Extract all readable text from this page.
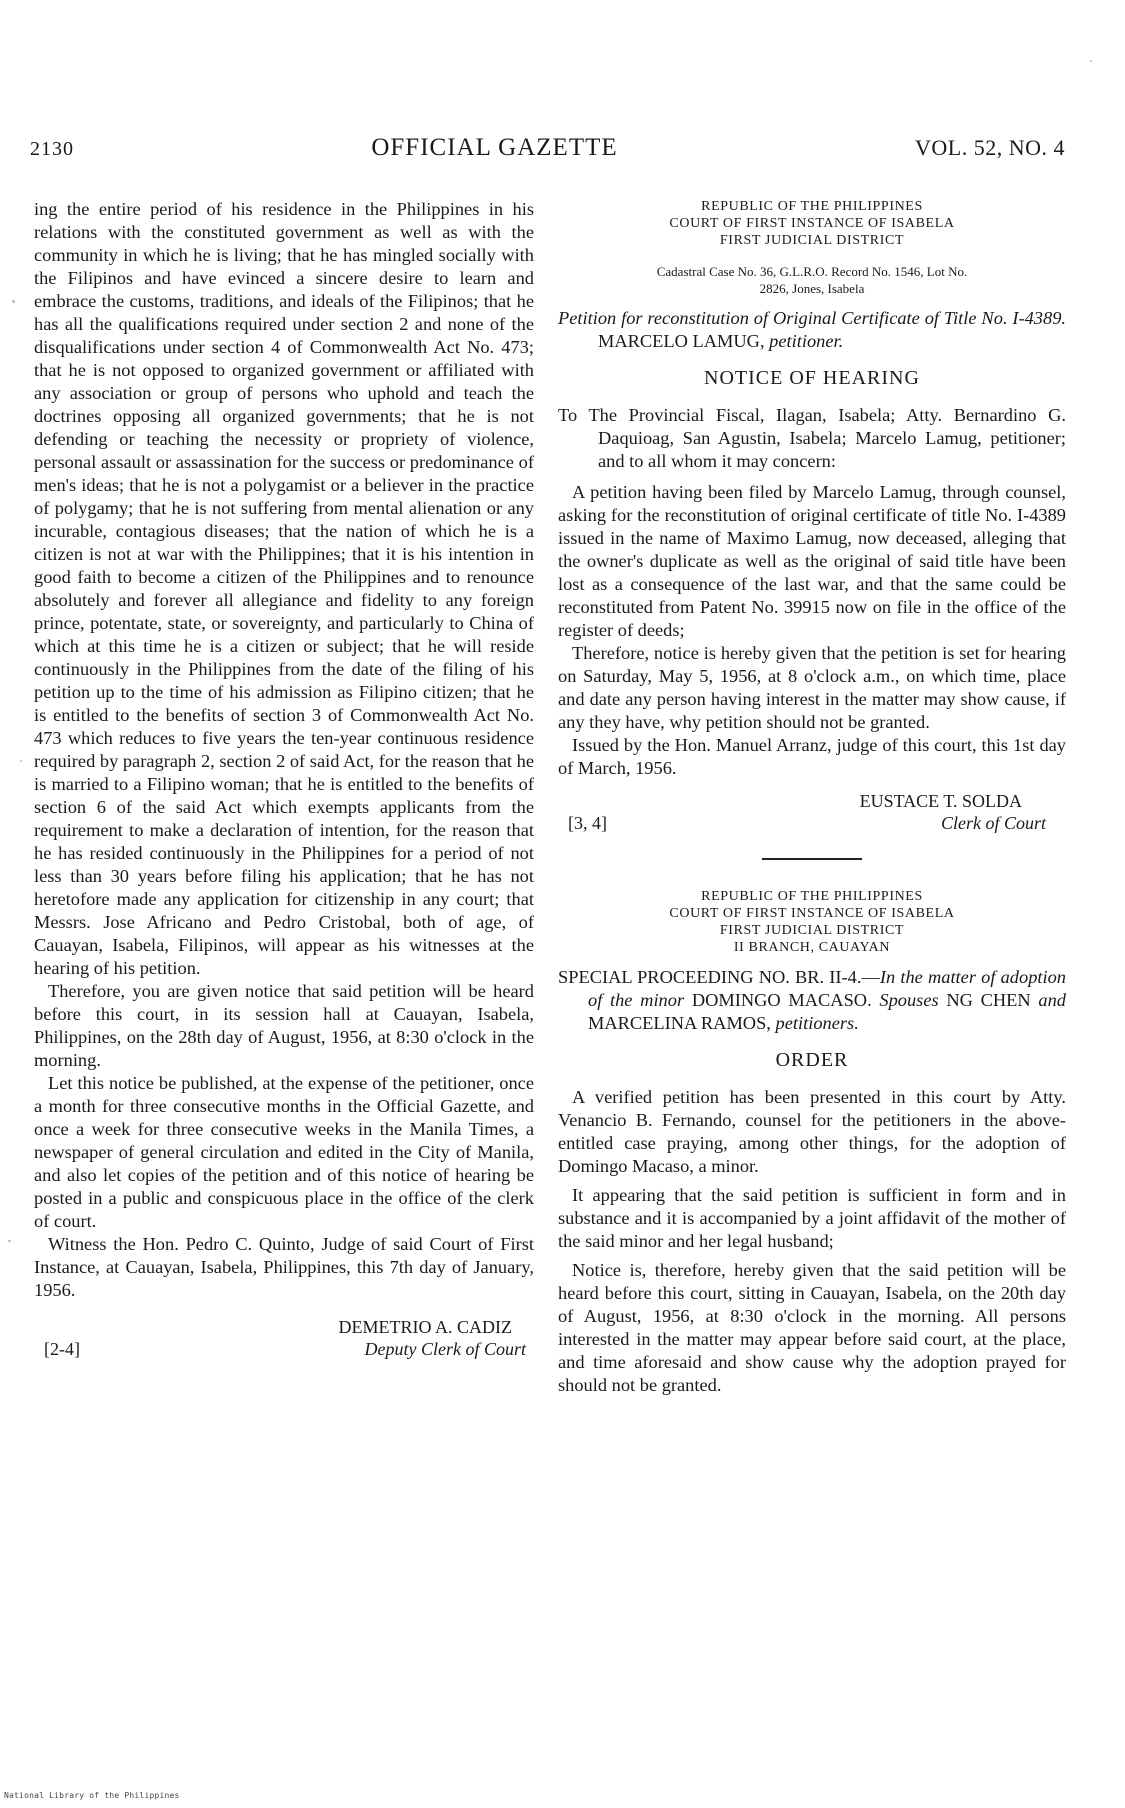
2130	OFFICIAL GAZETTE	VOL. 52, NO. 4

ing the entire period of his residence in the Philippines in his relations with the constituted government as well as with the community in which he is living; that he has mingled socially with the Filipinos and have evinced a sincere desire to learn and embrace the customs, traditions, and ideals of the Filipinos; that he has all the qualifications required under section 2 and none of the disqualifications under section 4 of Commonwealth Act No. 473; that he is not opposed to organized government or affiliated with any association or group of persons who uphold and teach the doctrines opposing all organized governments; that he is not defending or teaching the necessity or propriety of violence, personal assault or assassination for the success or predominance of men's ideas; that he is not a polygamist or a believer in the practice of polygamy; that he is not suffering from mental alienation or any incurable, contagious diseases; that the nation of which he is a citizen is not at war with the Philippines; that it is his intention in good faith to become a citizen of the Philippines and to renounce absolutely and forever all allegiance and fidelity to any foreign prince, potentate, state, or sovereignty, and particularly to China of which at this time he is a citizen or subject; that he will reside continuously in the Philippines from the date of the filing of his petition up to the time of his admission as Filipino citizen; that he is entitled to the benefits of section 3 of Commonwealth Act No. 473 which reduces to five years the ten-year continuous residence required by paragraph 2, section 2 of said Act, for the reason that he is married to a Filipino woman; that he is entitled to the benefits of section 6 of the said Act which exempts applicants from the requirement to make a declaration of intention, for the reason that he has resided continuously in the Philippines for a period of not less than 30 years before filing his application; that he has not heretofore made any application for citizenship in any court; that Messrs. Jose Africano and Pedro Cristobal, both of age, of Cauayan, Isabela, Filipinos, will appear as his witnesses at the hearing of his petition.

Therefore, you are given notice that said petition will be heard before this court, in its session hall at Cauayan, Isabela, Philippines, on the 28th day of August, 1956, at 8:30 o'clock in the morning.

Let this notice be published, at the expense of the petitioner, once a month for three consecutive months in the Official Gazette, and once a week for three consecutive weeks in the Manila Times, a newspaper of general circulation and edited in the City of Manila, and also let copies of the petition and of this notice of hearing be posted in a public and conspicuous place in the office of the clerk of court.

Witness the Hon. Pedro C. Quinto, Judge of said Court of First Instance, at Cauayan, Isabela, Philippines, this 7th day of January, 1956.

DEMETRIO A. CADIZ

[2-4]	Deputy Clerk of Court

REPUBLIC OF THE PHILIPPINES

COURT OF FIRST INSTANCE OF ISABELA

FIRST JUDICIAL DISTRICT

Cadastral Case No. 36, G.L.R.O. Record No. 1546, Lot No.

2826, Jones, Isabela

Petition for reconstitution of Original Certificate of Title No. I-4389. MARCELO LAMUG, petitioner.

NOTICE OF HEARING

To The Provincial Fiscal, Ilagan, Isabela; Atty. Bernardino G. Daquioag, San Agustin, Isabela; Marcelo Lamug, petitioner; and to all whom it may concern:

A petition having been filed by Marcelo Lamug, through counsel, asking for the reconstitution of original certificate of title No. I-4389 issued in the name of Maximo Lamug, now deceased, alleging that the owner's duplicate as well as the original of said title have been lost as a consequence of the last war, and that the same could be reconstituted from Patent No. 39915 now on file in the office of the register of deeds;

Therefore, notice is hereby given that the petition is set for hearing on Saturday, May 5, 1956, at 8 o'clock a.m., on which time, place and date any person having interest in the matter may show cause, if any they have, why petition should not be granted.

Issued by the Hon. Manuel Arranz, judge of this court, this 1st day of March, 1956.

EUSTACE T. SOLDA

[3, 4]	Clerk of Court

REPUBLIC OF THE PHILIPPINES

COURT OF FIRST INSTANCE OF ISABELA

FIRST JUDICIAL DISTRICT

II BRANCH, CAUAYAN

SPECIAL PROCEEDING NO. BR. II-4.—In the matter of adoption of the minor DOMINGO MACASO. Spouses NG CHEN and MARCELINA RAMOS, petitioners.

ORDER

A verified petition has been presented in this court by Atty. Venancio B. Fernando, counsel for the petitioners in the above-entitled case praying, among other things, for the adoption of Domingo Macaso, a minor.

It appearing that the said petition is sufficient in form and in substance and it is accompanied by a joint affidavit of the mother of the said minor and her legal husband;

Notice is, therefore, hereby given that the said petition will be heard before this court, sitting in Cauayan, Isabela, on the 20th day of August, 1956, at 8:30 o'clock in the morning. All persons interested in the matter may appear before said court, at the place, and time aforesaid and show cause why the adoption prayed for should not be granted.

National Library of the Philippines
